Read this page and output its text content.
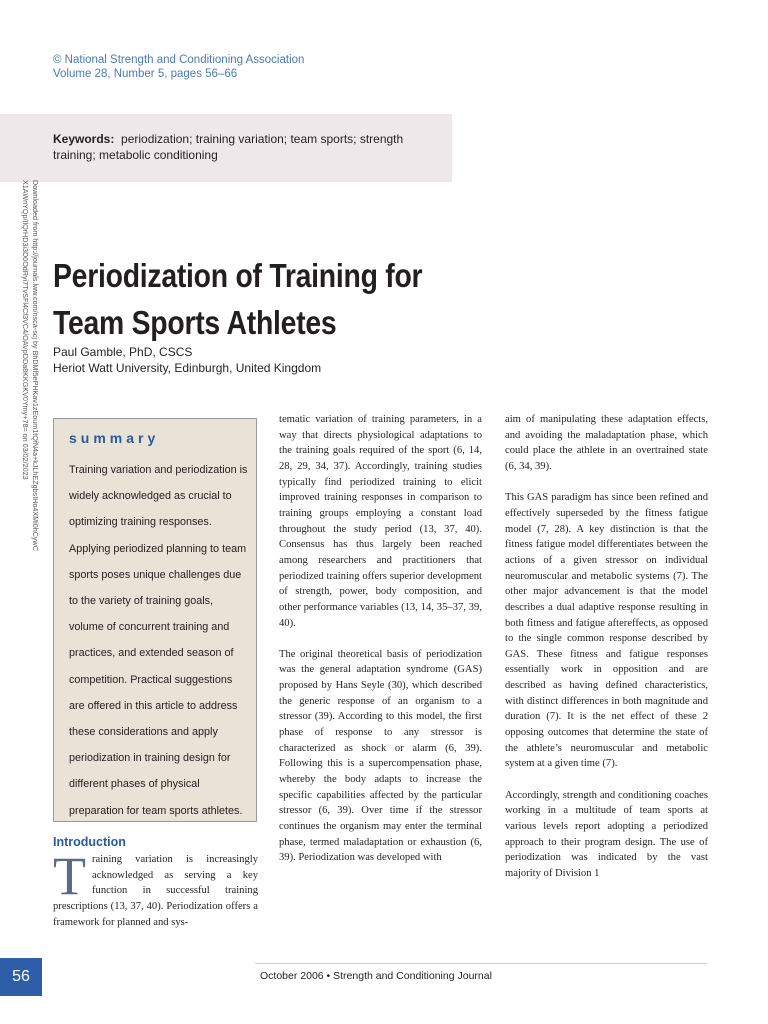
© National Strength and Conditioning Association
Volume 28, Number 5, pages 56–66
Keywords: periodization; training variation; team sports; strength training; metabolic conditioning
Downloaded from http://journals.lww.com/nsca-scj by BhDMf5ePHKav1zEoum1tQfN4a+kJLhEZgbsIHo4XMi0hCywC
X1AWnYQp/IlQrHD3i3D0OdRyi7TvSFl4Cf3VC4/OAVpDDa8KKGKV0Ymy+78= on 03/02/2023 Periodization of Training for
Team Sports Athletes
Paul Gamble, PhD, CSCS
Heriot Watt University, Edinburgh, United Kingdom
summary
Training variation and periodization is widely acknowledged as crucial to optimizing training responses. Applying periodized planning to team sports poses unique challenges due to the variety of training goals, volume of concurrent training and practices, and extended season of competition. Practical suggestions are offered in this article to address these considerations and apply periodization in training design for different phases of physical preparation for team sports athletes.
Introduction
Training variation is increasingly acknowledged as serving a key function in successful training prescriptions (13, 37, 40). Periodization offers a framework for planned and sys-

tematic variation of training parameters, in a way that directs physiological adaptations to the training goals required of the sport (6, 14, 28, 29, 34, 37). Accordingly, training studies typically find periodized training to elicit improved training responses in comparison to training groups employing a constant load throughout the study period (13, 37, 40). Consensus has thus largely been reached among researchers and practitioners that periodized training offers superior development of strength, power, body composition, and other performance variables (13, 14, 35–37, 39, 40).

The original theoretical basis of periodization was the general adaptation syndrome (GAS) proposed by Hans Seyle (30), which described the generic response of an organism to a stressor (39). According to this model, the first phase of response to any stressor is characterized as shock or alarm (6, 39). Following this is a supercompensation phase, whereby the body adapts to increase the specific capabilities affected by the particular stressor (6, 39). Over time if the stressor continues the organism may enter the terminal phase, termed maladaptation or exhaustion (6, 39). Periodization was developed with

aim of manipulating these adaptation effects, and avoiding the maladaptation phase, which could place the athlete in an overtrained state (6, 34, 39).

This GAS paradigm has since been refined and effectively superseded by the fitness fatigue model (7, 28). A key distinction is that the fitness fatigue model differentiates between the actions of a given stressor on individual neuromuscular and metabolic systems (7). The other major advancement is that the model describes a dual adaptive response resulting in both fitness and fatigue aftereffects, as opposed to the single common response described by GAS. These fitness and fatigue responses essentially work in opposition and are described as having defined characteristics, with distinct differences in both magnitude and duration (7). It is the net effect of these 2 opposing outcomes that determine the state of the athlete’s neuromuscular and metabolic system at a given time (7).

Accordingly, strength and conditioning coaches working in a multitude of team sports at various levels report adopting a periodized approach to their program design. The use of periodization was indicated by the vast majority of Division 1

56	October 2006 • Strength and Conditioning Journal
